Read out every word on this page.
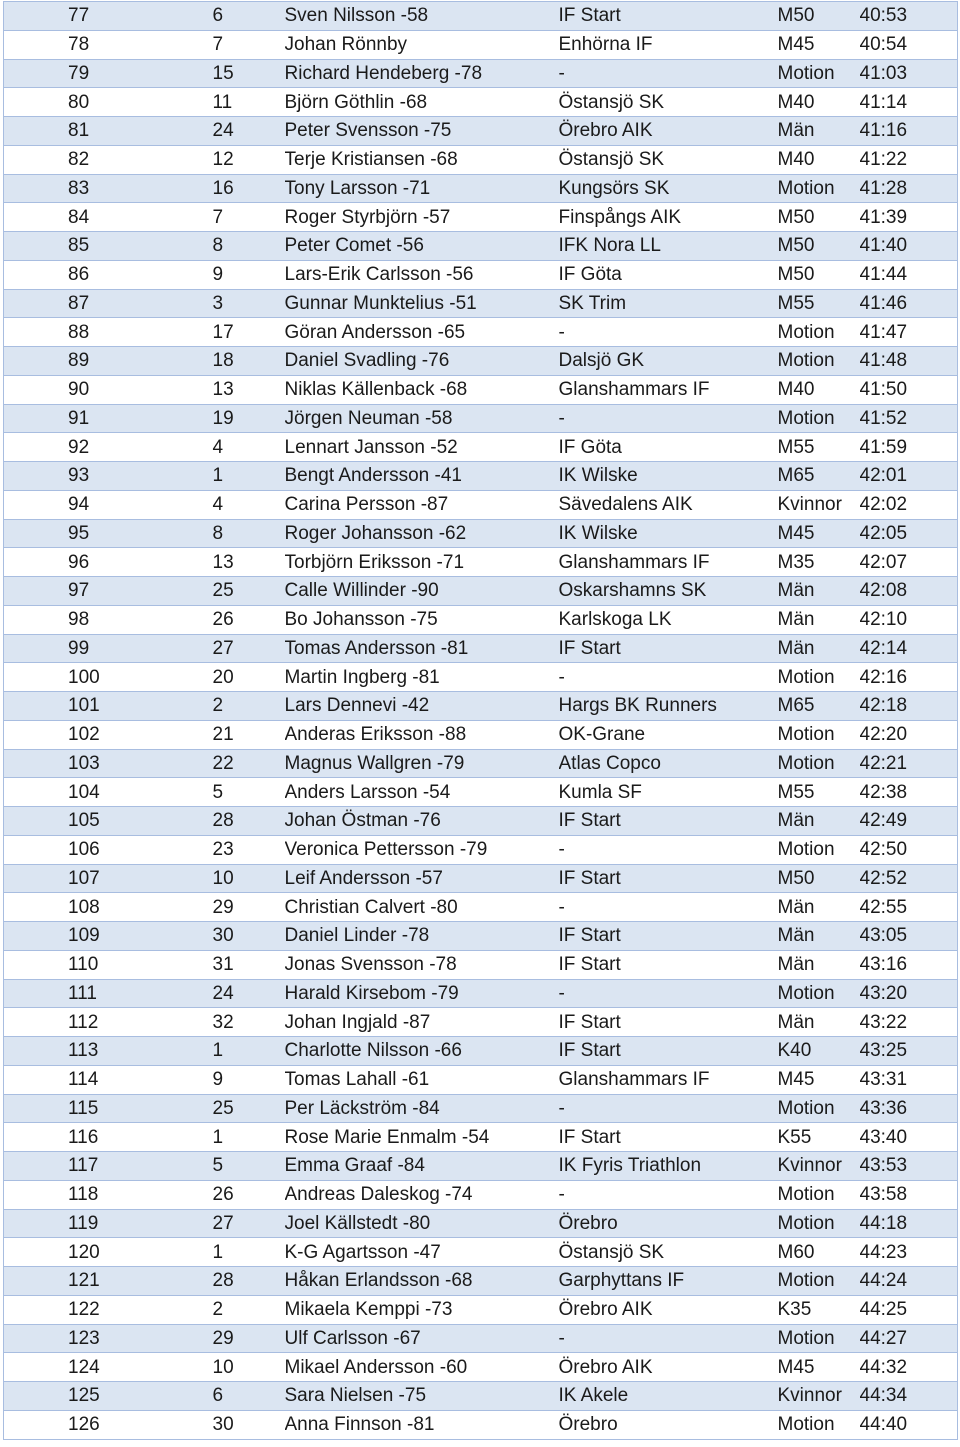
77	6	Sven Nilsson -58	IF Start	M50	40:53
78	7	Johan Rönnby	Enhörna IF	M45	40:54
79	15	Richard Hendeberg -78	-	Motion	41:03
80	11	Björn Göthlin -68	Östansjö SK	M40	41:14
81	24	Peter Svensson -75	Örebro AIK	Män	41:16
82	12	Terje Kristiansen -68	Östansjö SK	M40	41:22
83	16	Tony Larsson -71	Kungsörs SK	Motion	41:28
84	7	Roger Styrbjörn -57	Finspångs AIK	M50	41:39
85	8	Peter Comet -56	IFK Nora LL	M50	41:40
86	9	Lars-Erik Carlsson -56	IF Göta	M50	41:44
87	3	Gunnar Munktelius -51	SK Trim	M55	41:46
88	17	Göran Andersson -65	-	Motion	41:47
89	18	Daniel Svadling -76	Dalsjö GK	Motion	41:48
90	13	Niklas Källenback -68	Glanshammars IF	M40	41:50
91	19	Jörgen Neuman -58	-	Motion	41:52
92	4	Lennart Jansson -52	IF Göta	M55	41:59
93	1	Bengt Andersson -41	IK Wilske	M65	42:01
94	4	Carina Persson -87	Sävedalens AIK	Kvinnor	42:02
95	8	Roger Johansson -62	IK Wilske	M45	42:05
96	13	Torbjörn Eriksson -71	Glanshammars IF	M35	42:07
97	25	Calle Willinder -90	Oskarshamns SK	Män	42:08
98	26	Bo Johansson -75	Karlskoga LK	Män	42:10
99	27	Tomas Andersson -81	IF Start	Män	42:14
100	20	Martin Ingberg -81	-	Motion	42:16
101	2	Lars Dennevi -42	Hargs BK Runners	M65	42:18
102	21	Anderas Eriksson -88	OK-Grane	Motion	42:20
103	22	Magnus Wallgren -79	Atlas Copco	Motion	42:21
104	5	Anders Larsson -54	Kumla SF	M55	42:38
105	28	Johan Östman -76	IF Start	Män	42:49
106	23	Veronica Pettersson -79	-	Motion	42:50
107	10	Leif Andersson -57	IF Start	M50	42:52
108	29	Christian Calvert -80	-	Män	42:55
109	30	Daniel Linder -78	IF Start	Män	43:05
110	31	Jonas Svensson -78	IF Start	Män	43:16
111	24	Harald Kirsebom -79	-	Motion	43:20
112	32	Johan Ingjald -87	IF Start	Män	43:22
113	1	Charlotte Nilsson -66	IF Start	K40	43:25
114	9	Tomas Lahall -61	Glanshammars IF	M45	43:31
115	25	Per Läckström -84	-	Motion	43:36
116	1	Rose Marie Enmalm -54	IF Start	K55	43:40
117	5	Emma Graaf -84	IK Fyris Triathlon	Kvinnor	43:53
118	26	Andreas Daleskog -74	-	Motion	43:58
119	27	Joel Källstedt -80	Örebro	Motion	44:18
120	1	K-G Agartsson -47	Östansjö SK	M60	44:23
121	28	Håkan Erlandsson -68	Garphyttans IF	Motion	44:24
122	2	Mikaela Kemppi -73	Örebro AIK	K35	44:25
123	29	Ulf Carlsson -67	-	Motion	44:27
124	10	Mikael Andersson -60	Örebro AIK	M45	44:32
125	6	Sara Nielsen -75	IK Akele	Kvinnor	44:34
126	30	Anna Finnson -81	Örebro	Motion	44:40
